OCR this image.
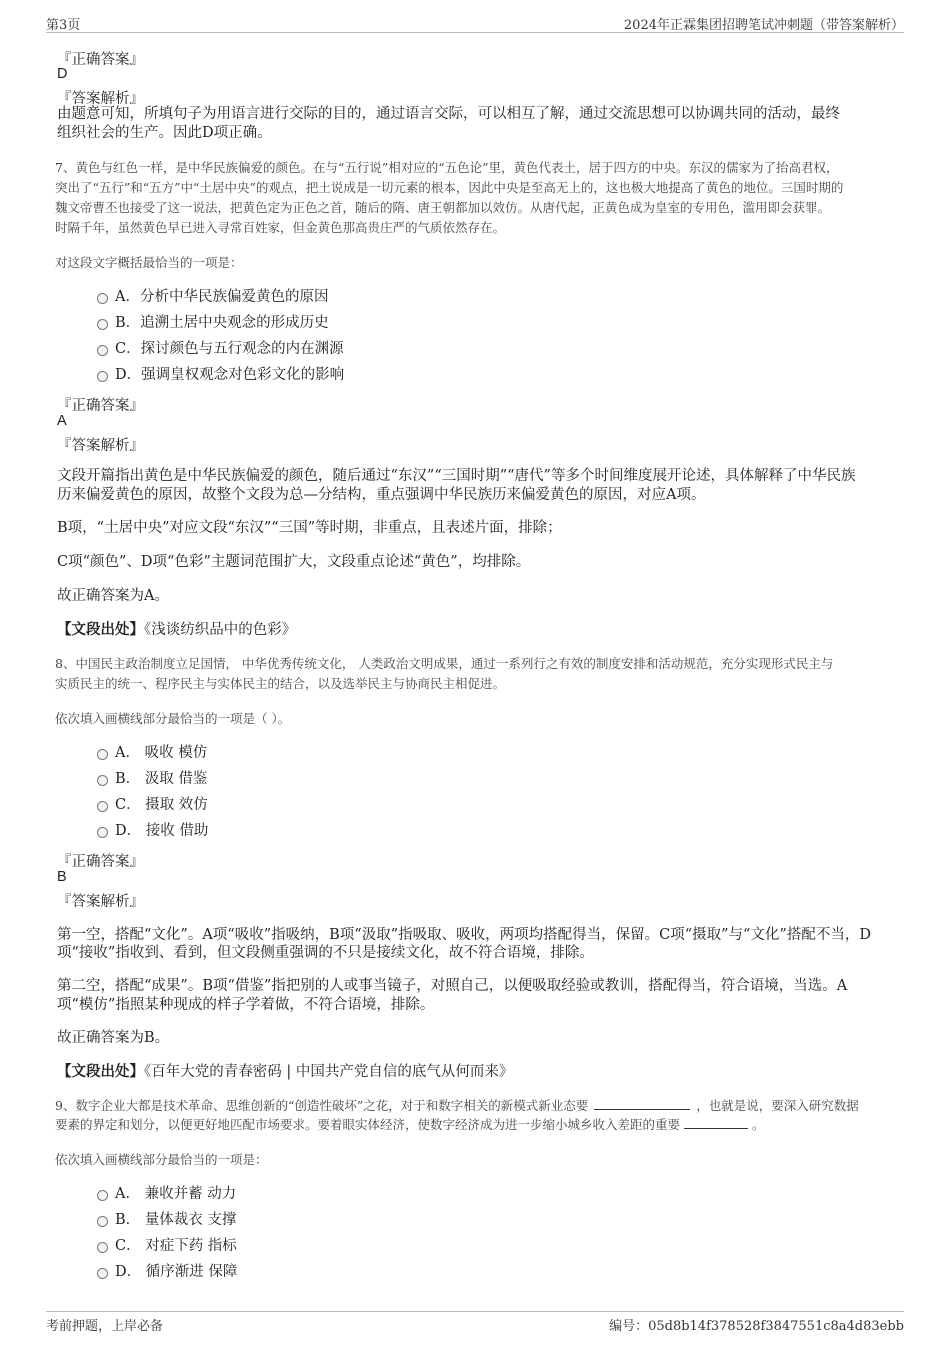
第3页	2024年正霖集团招聘笔试冲刺题（带答案解析）
『正确答案』
D
『答案解析』
由题意可知，所填句子为用语言进行交际的目的，通过语言交际，可以相互了解，通过交流思想可以协调共同的活动，最终
组织社会的生产。因此D项正确。
7、黄色与红色一样，是中华民族偏爱的颜色。在与“五行说”相对应的“五色论”里，黄色代表土，居于四方的中央。东汉的儒家为了抬高君权，
突出了“五行”和“五方”中“土居中央”的观点，把土说成是一切元素的根本，因此中央是至高无上的，这也极大地提高了黄色的地位。三国时期的
魏文帝曹丕也接受了这一说法，把黄色定为正色之首，随后的隋、唐王朝都加以效仿。从唐代起，正黄色成为皇室的专用色，滥用即会获罪。
时隔千年，虽然黄色早已进入寻常百姓家，但金黄色那高贵庄严的气质依然存在。
对这段文字概括最恰当的一项是：
A．分析中华民族偏爱黄色的原因
B．追溯土居中央观念的形成历史
C．探讨颜色与五行观念的内在渊源
D．强调皇权观念对色彩文化的影响
『正确答案』
A
『答案解析』
文段开篇指出黄色是中华民族偏爱的颜色，随后通过“东汉”“三国时期”“唐代”等多个时间维度展开论述，具体解释了中华民族
历来偏爱黄色的原因，故整个文段为总—分结构，重点强调中华民族历来偏爱黄色的原因，对应A项。
B项，“土居中央”对应文段“东汉”“三国”等时期，非重点，且表述片面，排除；
C项“颜色”、D项“色彩”主题词范围扩大，文段重点论述“黄色”，均排除。
故正确答案为A。
【文段出处】《浅谈纺织品中的色彩》
8、中国民主政治制度立足国情， 中华优秀传统文化， 人类政治文明成果，通过一系列行之有效的制度安排和活动规范，充分实现形式民主与
实质民主的统一、程序民主与实体民主的结合，以及选举民主与协商民主相促进。
依次填入画横线部分最恰当的一项是（ ）。
A． 吸收 模仿
B． 汲取 借鉴
C． 摄取 效仿
D． 接收 借助
『正确答案』
B
『答案解析』
第一空，搭配“文化”。A项“吸收”指吸纳，B项“汲取”指吸取、吸收，两项均搭配得当，保留。C项“摄取”与“文化”搭配不当，D
项“接收”指收到、看到，但文段侧重强调的不只是接续文化，故不符合语境，排除。
第二空，搭配“成果”。B项“借鉴”指把别的人或事当镜子，对照自己，以便吸取经验或教训，搭配得当，符合语境，当选。A
项“模仿”指照某种现成的样子学着做，不符合语境，排除。
故正确答案为B。
【文段出处】《百年大党的青春密码 | 中国共产党自信的底气从何而来》
9、数字企业大都是技术革命、思维创新的“创造性破坏”之花，对于和数字相关的新模式新业态要	，也就是说，要深入研究数据
要素的界定和划分，以便更好地匹配市场要求。要着眼实体经济，使数字经济成为进一步缩小城乡收入差距的重要	。
依次填入画横线部分最恰当的一项是：
A． 兼收并蓄 动力
B． 量体裁衣 支撑
C． 对症下药 指标
D． 循序渐进 保障
考前押题，上岸必备	编号：05d8b14f378528f3847551c8a4d83ebb
